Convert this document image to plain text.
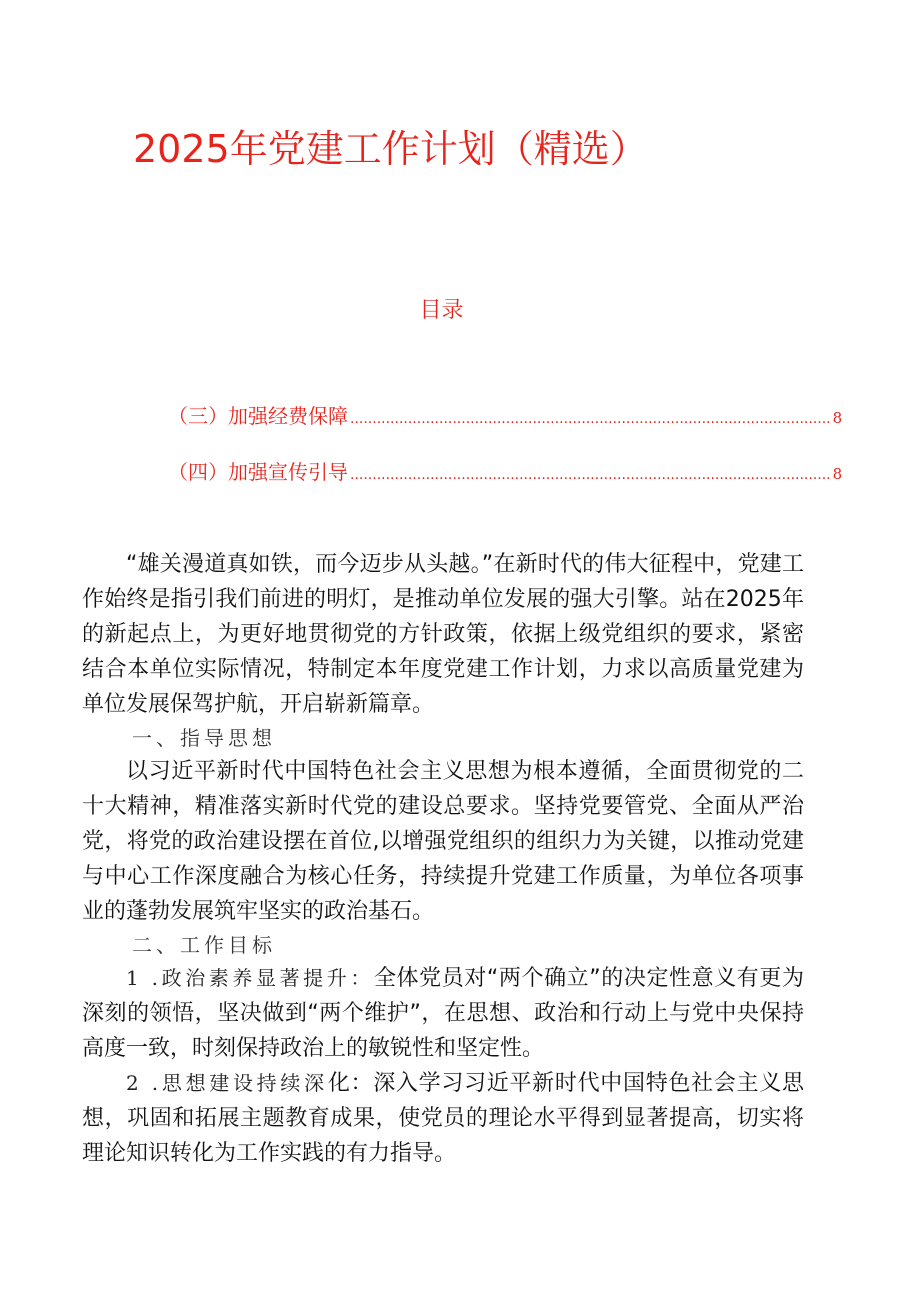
2025年党建工作计划（精选）
目录
（三）加强经费保障 ............................................................................................................ 8
（四）加强宣传引导 ............................................................................................................ 8

“雄关漫道真如铁，而今迈步从头越。”在新时代的伟大征程中，党建工作始终是指引我们前进的明灯，是推动单位发展的强大引擎。站在2025年的新起点上，为更好地贯彻党的方针政策，依据上级党组织的要求，紧密结合本单位实际情况，特制定本年度党建工作计划，力求以高质量党建为单位发展保驾护航，开启崭新篇章。

一、指导思想

以习近平新时代中国特色社会主义思想为根本遵循，全面贯彻党的二十大精神，精准落实新时代党的建设总要求。坚持党要管党、全面从严治党，将党的政治建设摆在首位,以增强党组织的组织力为关键，以推动党建与中心工作深度融合为核心任务，持续提升党建工作质量，为单位各项事业的蓬勃发展筑牢坚实的政治基石。

二、工作目标

1 .政治素养显著提升：全体党员对“两个确立”的决定性意义有更为深刻的领悟，坚决做到“两个维护”，在思想、政治和行动上与党中央保持高度一致，时刻保持政治上的敏锐性和坚定性。

2 .思想建设持续深化：深入学习习近平新时代中国特色社会主义思想，巩固和拓展主题教育成果，使党员的理论水平得到显著提高，切实将理论知识转化为工作实践的有力指导。
